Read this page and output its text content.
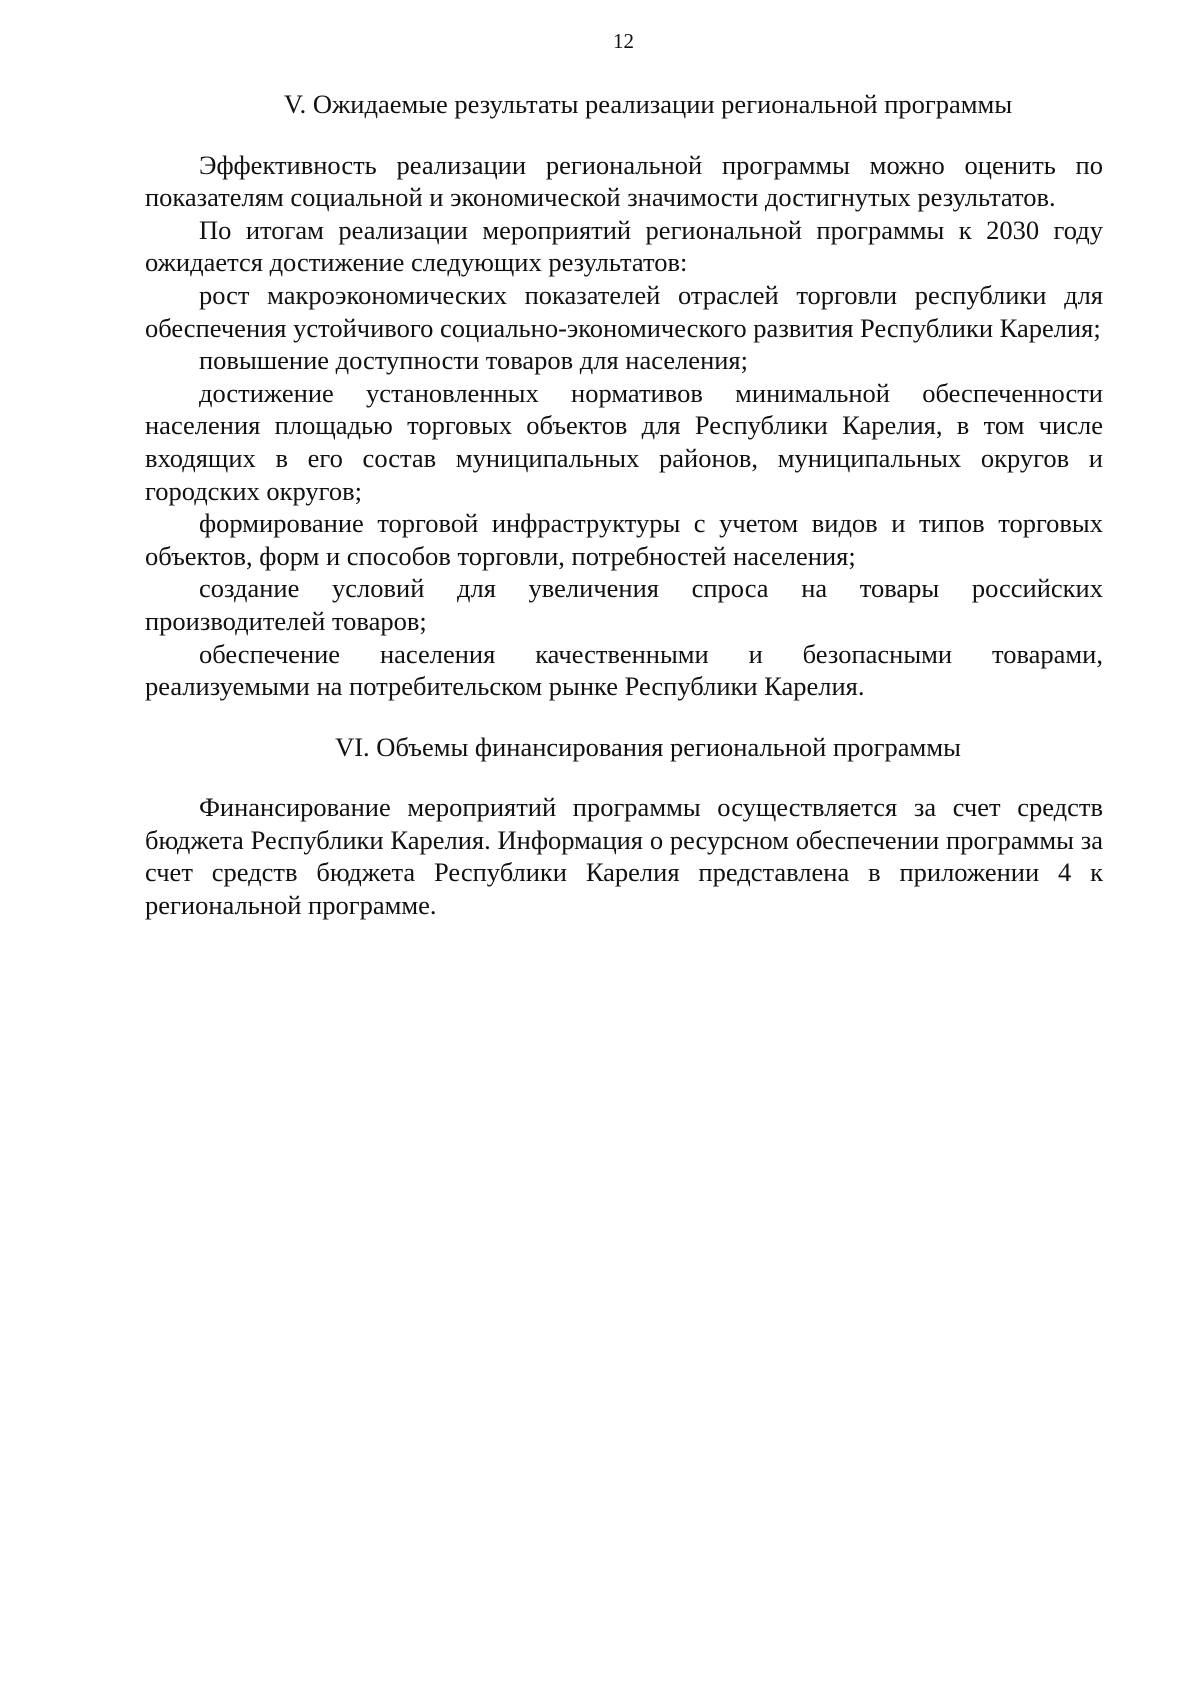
12
V. Ожидаемые результаты реализации региональной программы

Эффективность реализации региональной программы можно оценить по показателям социальной и экономической значимости достигнутых результатов.

По итогам реализации мероприятий региональной программы к 2030 году ожидается достижение следующих результатов:

рост макроэкономических показателей отраслей торговли республики для обеспечения устойчивого социально-экономического развития Республики Карелия;

повышение доступности товаров для населения;

достижение установленных нормативов минимальной обеспеченности населения площадью торговых объектов для Республики Карелия, в том числе входящих в его состав муниципальных районов, муниципальных округов и городских округов;

формирование торговой инфраструктуры с учетом видов и типов торговых объектов, форм и способов торговли, потребностей населения;

создание условий для увеличения спроса на товары российских производителей товаров;

обеспечение населения качественными и безопасными товарами, реализуемыми на потребительском рынке Республики Карелия.

VI. Объемы финансирования региональной программы

Финансирование мероприятий программы осуществляется за счет средств бюджета Республики Карелия. Информация о ресурсном обеспечении программы за счет средств бюджета Республики Карелия представлена в приложении 4 к региональной программе.
